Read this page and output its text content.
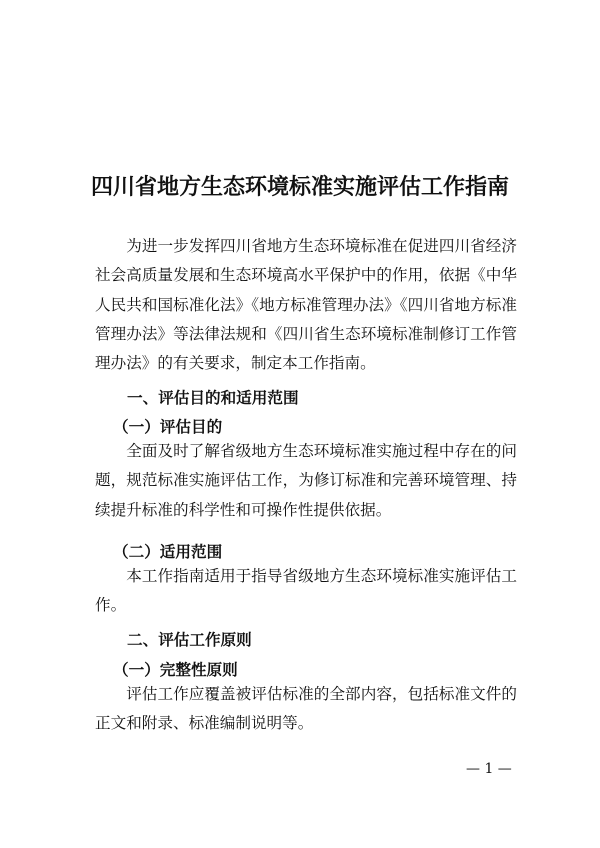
四川省地方生态环境标准实施评估工作指南

为进一步发挥四川省地方生态环境标准在促进四川省经济社会高质量发展和生态环境高水平保护中的作用，依据《中华人民共和国标准化法》《地方标准管理办法》《四川省地方标准管理办法》等法律法规和《四川省生态环境标准制修订工作管理办法》的有关要求，制定本工作指南。

一、评估目的和适用范围
（一）评估目的

全面及时了解省级地方生态环境标准实施过程中存在的问题，规范标准实施评估工作，为修订标准和完善环境管理、持续提升标准的科学性和可操作性提供依据。

（二）适用范围

本工作指南适用于指导省级地方生态环境标准实施评估工作。

二、评估工作原则
（一）完整性原则

评估工作应覆盖被评估标准的全部内容，包括标准文件的正文和附录、标准编制说明等。

— 1 —
